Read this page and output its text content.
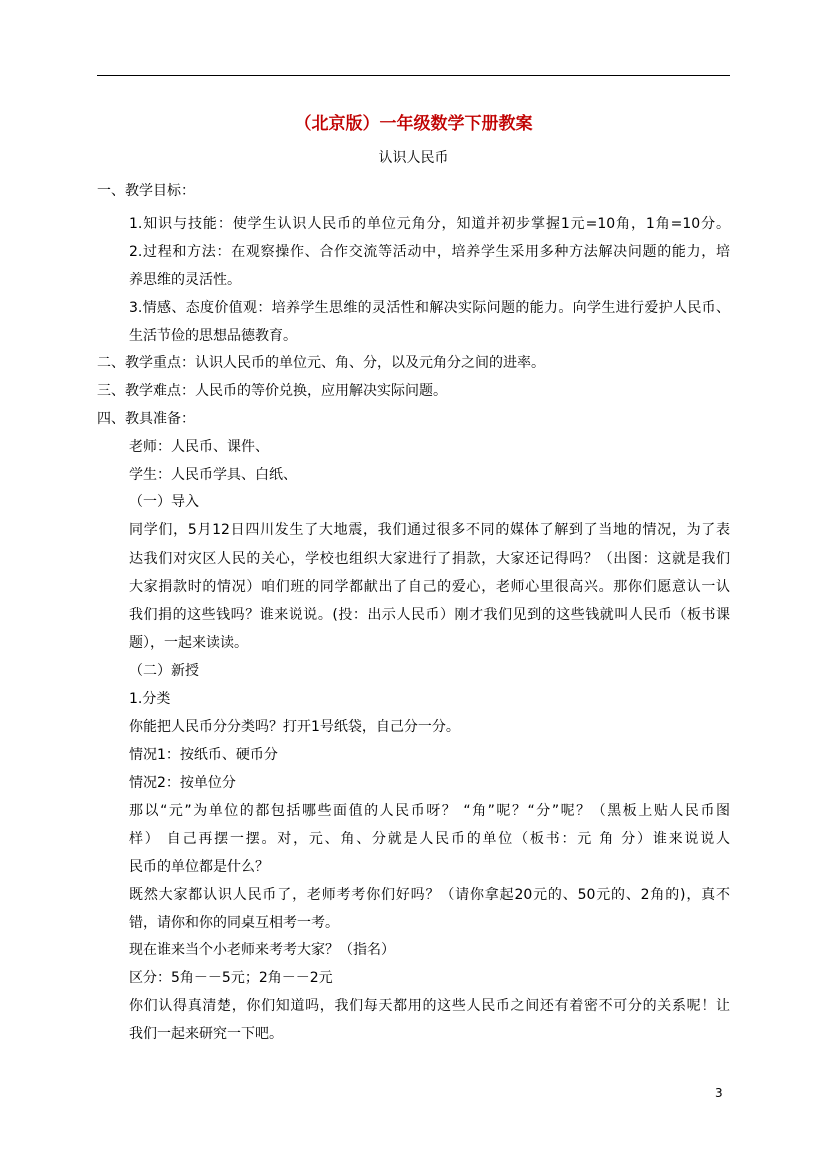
（北京版）一年级数学下册教案
认识人民币
一、教学目标：
1.知识与技能：使学生认识人民币的单位元角分，知道并初步掌握1元=10角，1角=10分。
2.过程和方法：在观察操作、合作交流等活动中，培养学生采用多种方法解决问题的能力，培
养思维的灵活性。
3.情感、态度价值观：培养学生思维的灵活性和解决实际问题的能力。向学生进行爱护人民币、
生活节俭的思想品德教育。
二、教学重点：认识人民币的单位元、角、分，以及元角分之间的进率。
三、教学难点：人民币的等价兑换，应用解决实际问题。
四、教具准备：
老师：人民币、课件、
学生：人民币学具、白纸、
（一）导入
同学们，5月12日四川发生了大地震，我们通过很多不同的媒体了解到了当地的情况，为了表
达我们对灾区人民的关心，学校也组织大家进行了捐款，大家还记得吗？（出图：这就是我们
大家捐款时的情况）咱们班的同学都献出了自己的爱心，老师心里很高兴。那你们愿意认一认
我们捐的这些钱吗？谁来说说。(投：出示人民币）刚才我们见到的这些钱就叫人民币（板书课
题），一起来读读。
（二）新授
1.分类
你能把人民币分分类吗？打开1号纸袋，自己分一分。
情况1：按纸币、硬币分
情况2：按单位分
那以“元”为单位的都包括哪些面值的人民币呀？ “角”呢？“分”呢？（黑板上贴人民币图
样） 自己再摆一摆。对，元、角、分就是人民币的单位（板书：元 角 分）谁来说说人
民币的单位都是什么？
既然大家都认识人民币了，老师考考你们好吗？（请你拿起20元的、50元的、2角的)，真不
错，请你和你的同桌互相考一考。
现在谁来当个小老师来考考大家？（指名）
区分：5角－－5元；2角－－2元
你们认得真清楚，你们知道吗，我们每天都用的这些人民币之间还有着密不可分的关系呢！让
我们一起来研究一下吧。
3
